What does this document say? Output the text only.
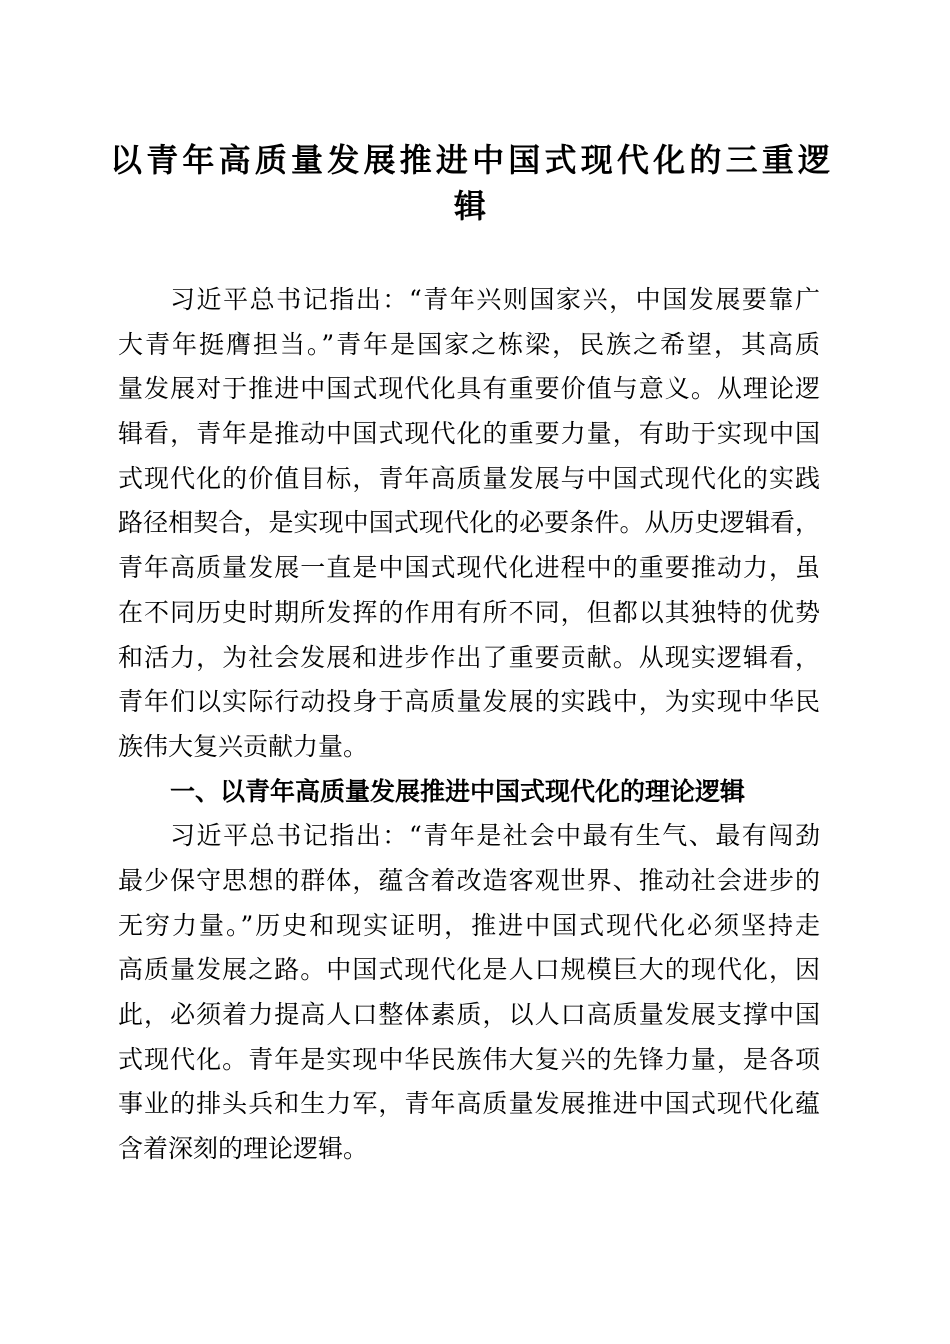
以青年高质量发展推进中国式现代化的三重逻
辑
习近平总书记指出：“青年兴则国家兴，中国发展要靠广
大青年挺膺担当。”青年是国家之栋梁，民族之希望，其高质
量发展对于推进中国式现代化具有重要价值与意义。从理论逻
辑看，青年是推动中国式现代化的重要力量，有助于实现中国
式现代化的价值目标，青年高质量发展与中国式现代化的实践
路径相契合，是实现中国式现代化的必要条件。从历史逻辑看，
青年高质量发展一直是中国式现代化进程中的重要推动力，虽
在不同历史时期所发挥的作用有所不同，但都以其独特的优势
和活力，为社会发展和进步作出了重要贡献。从现实逻辑看，
青年们以实际行动投身于高质量发展的实践中，为实现中华民
族伟大复兴贡献力量。
一、以青年高质量发展推进中国式现代化的理论逻辑
习近平总书记指出：“青年是社会中最有生气、最有闯劲
最少保守思想的群体，蕴含着改造客观世界、推动社会进步的
无穷力量。”历史和现实证明，推进中国式现代化必须坚持走
高质量发展之路。中国式现代化是人口规模巨大的现代化，因
此，必须着力提高人口整体素质，以人口高质量发展支撑中国
式现代化。青年是实现中华民族伟大复兴的先锋力量，是各项
事业的排头兵和生力军，青年高质量发展推进中国式现代化蕴
含着深刻的理论逻辑。
